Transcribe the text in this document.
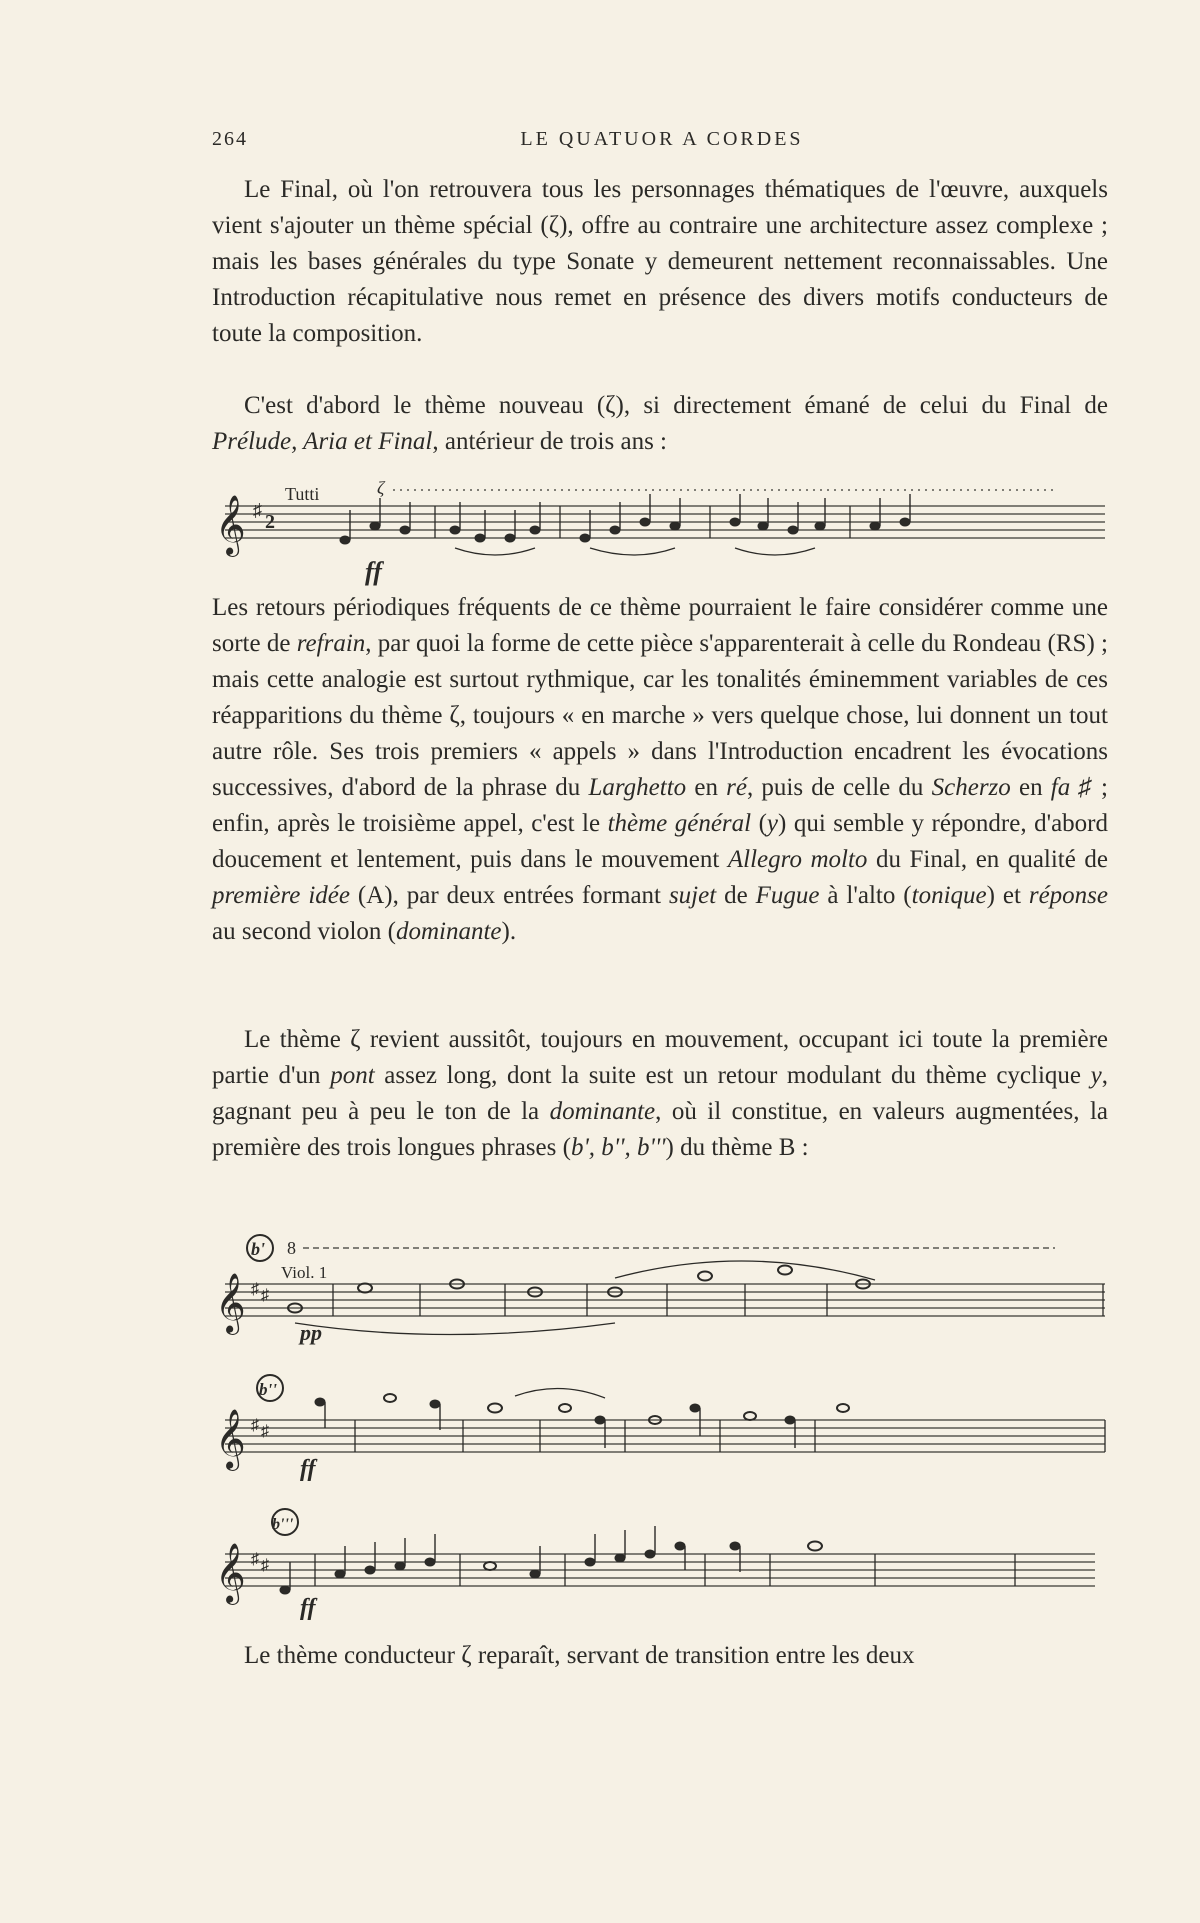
264	LE QUATUOR A CORDES

Le Final, où l'on retrouvera tous les personnages thématiques de l'œuvre, auxquels vient s'ajouter un thème spécial (ζ), offre au contraire une architecture assez complexe ; mais les bases générales du type Sonate y demeurent nettement reconnaissables. Une Introduction récapitulative nous remet en présence des divers motifs conducteurs de toute la composition.

C'est d'abord le thème nouveau (ζ), si directement émané de celui du Final de Prélude, Aria et Final, antérieur de trois ans :

Tutti	ζ
𝄞 ♯
2
ff

Les retours périodiques fréquents de ce thème pourraient le faire considérer comme une sorte de refrain, par quoi la forme de cette pièce s'apparenterait à celle du Rondeau (RS) ; mais cette analogie est surtout rythmique, car les tonalités éminemment variables de ces réapparitions du thème ζ, toujours « en marche » vers quelque chose, lui donnent un tout autre rôle. Ses trois premiers « appels » dans l'Introduction encadrent les évocations successives, d'abord de la phrase du Larghetto en ré, puis de celle du Scherzo en fa ♯ ; enfin, après le troisième appel, c'est le thème général (y) qui semble y répondre, d'abord doucement et lentement, puis dans le mouvement Allegro molto du Final, en qualité de première idée (A), par deux entrées formant sujet de Fugue à l'alto (tonique) et réponse au second violon (dominante).

Le thème ζ revient aussitôt, toujours en mouvement, occupant ici toute la première partie d'un pont assez long, dont la suite est un retour modulant du thème cyclique y, gagnant peu à peu le ton de la dominante, où il constitue, en valeurs augmentées, la première des trois longues phrases (b', b'', b''') du thème B :

b' 8
Viol. 1
𝄞 ♯ ♯
pp
b''
𝄞 ♯ ♯
ff
b'''
𝄞 ♯ ♯
ff

Le thème conducteur ζ reparaît, servant de transition entre les deux
